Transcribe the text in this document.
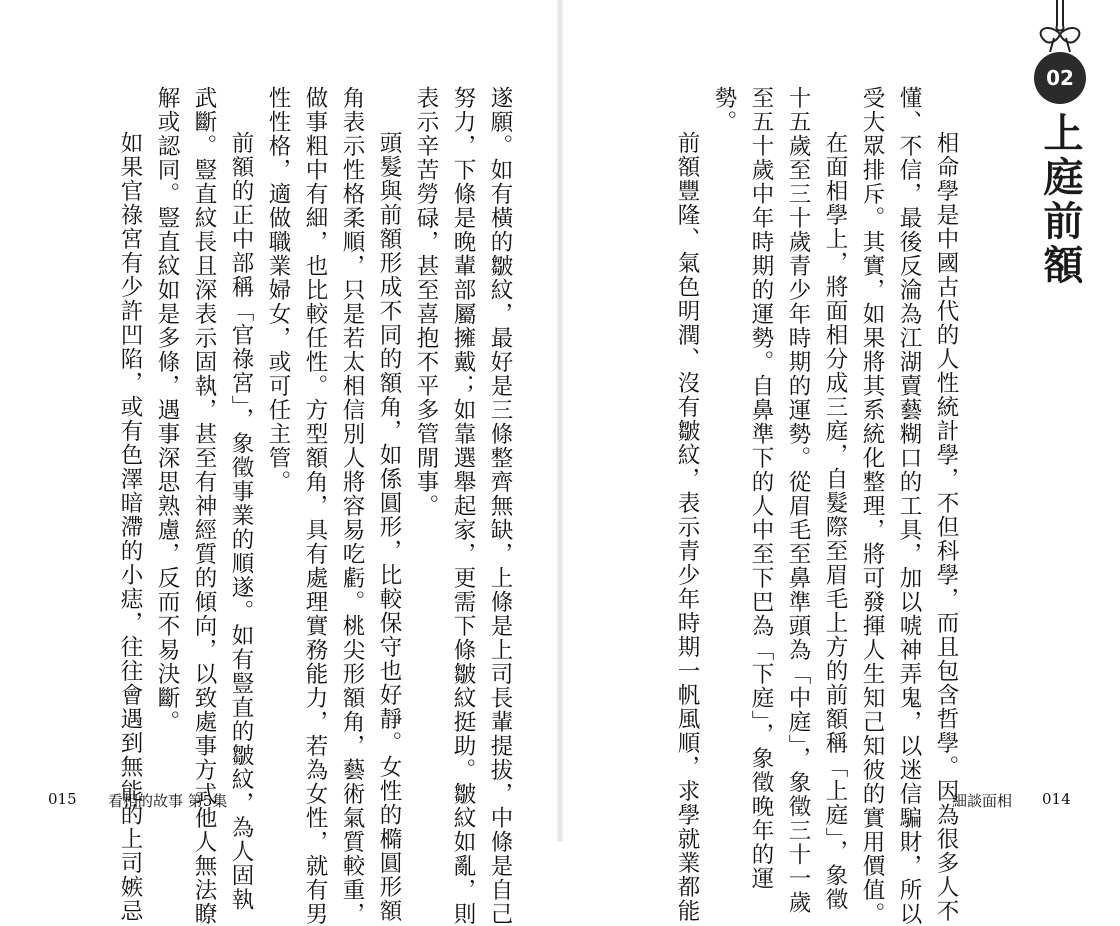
02
上庭前額

相命學是中國古代的人性統計學，不但科學，而且包含哲學。因為很多人不
懂、不信，最後反淪為江湖賣藝糊口的工具，加以唬神弄鬼，以迷信騙財，所以
受大眾排斥。其實，如果將其系統化整理，將可發揮人生知己知彼的實用價值。

在面相學上，將面相分成三庭，自髮際至眉毛上方的前額稱「上庭」，象徵
十五歲至三十歲青少年時期的運勢。從眉毛至鼻準頭為「中庭」，象徵三十一歲
至五十歲中年時期的運勢。自鼻準下的人中至下巴為「下庭」，象徵晚年的運
勢。

前額豐隆、氣色明潤、沒有皺紋，表示青少年時期一帆風順，求學就業都能	細談面相 014

遂願。如有橫的皺紋，最好是三條整齊無缺，上條是上司長輩提拔，中條是自己
努力，下條是晚輩部屬擁戴；如靠選舉起家，更需下條皺紋挺助。皺紋如亂，則
表示辛苦勞碌，甚至喜抱不平多管閒事。

頭髮與前額形成不同的額角，如係圓形，比較保守也好靜。女性的橢圓形額
角表示性格柔順，只是若太相信別人將容易吃虧。桃尖形額角，藝術氣質較重，
做事粗中有細，也比較任性。方型額角，具有處理實務能力，若為女性，就有男
性性格，適做職業婦女，或可任主管。

前額的正中部稱「官祿宮」，象徵事業的順遂。如有豎直的皺紋，為人固執
武斷。豎直紋長且深表示固執，甚至有神經質的傾向，以致處事方式他人無法瞭
解或認同。豎直紋如是多條，遇事深思熟慮，反而不易決斷。

如果官祿宮有少許凹陷，或有色澤暗滯的小痣，往往會遇到無能的上司嫉忌

015 看相的故事 第5集
